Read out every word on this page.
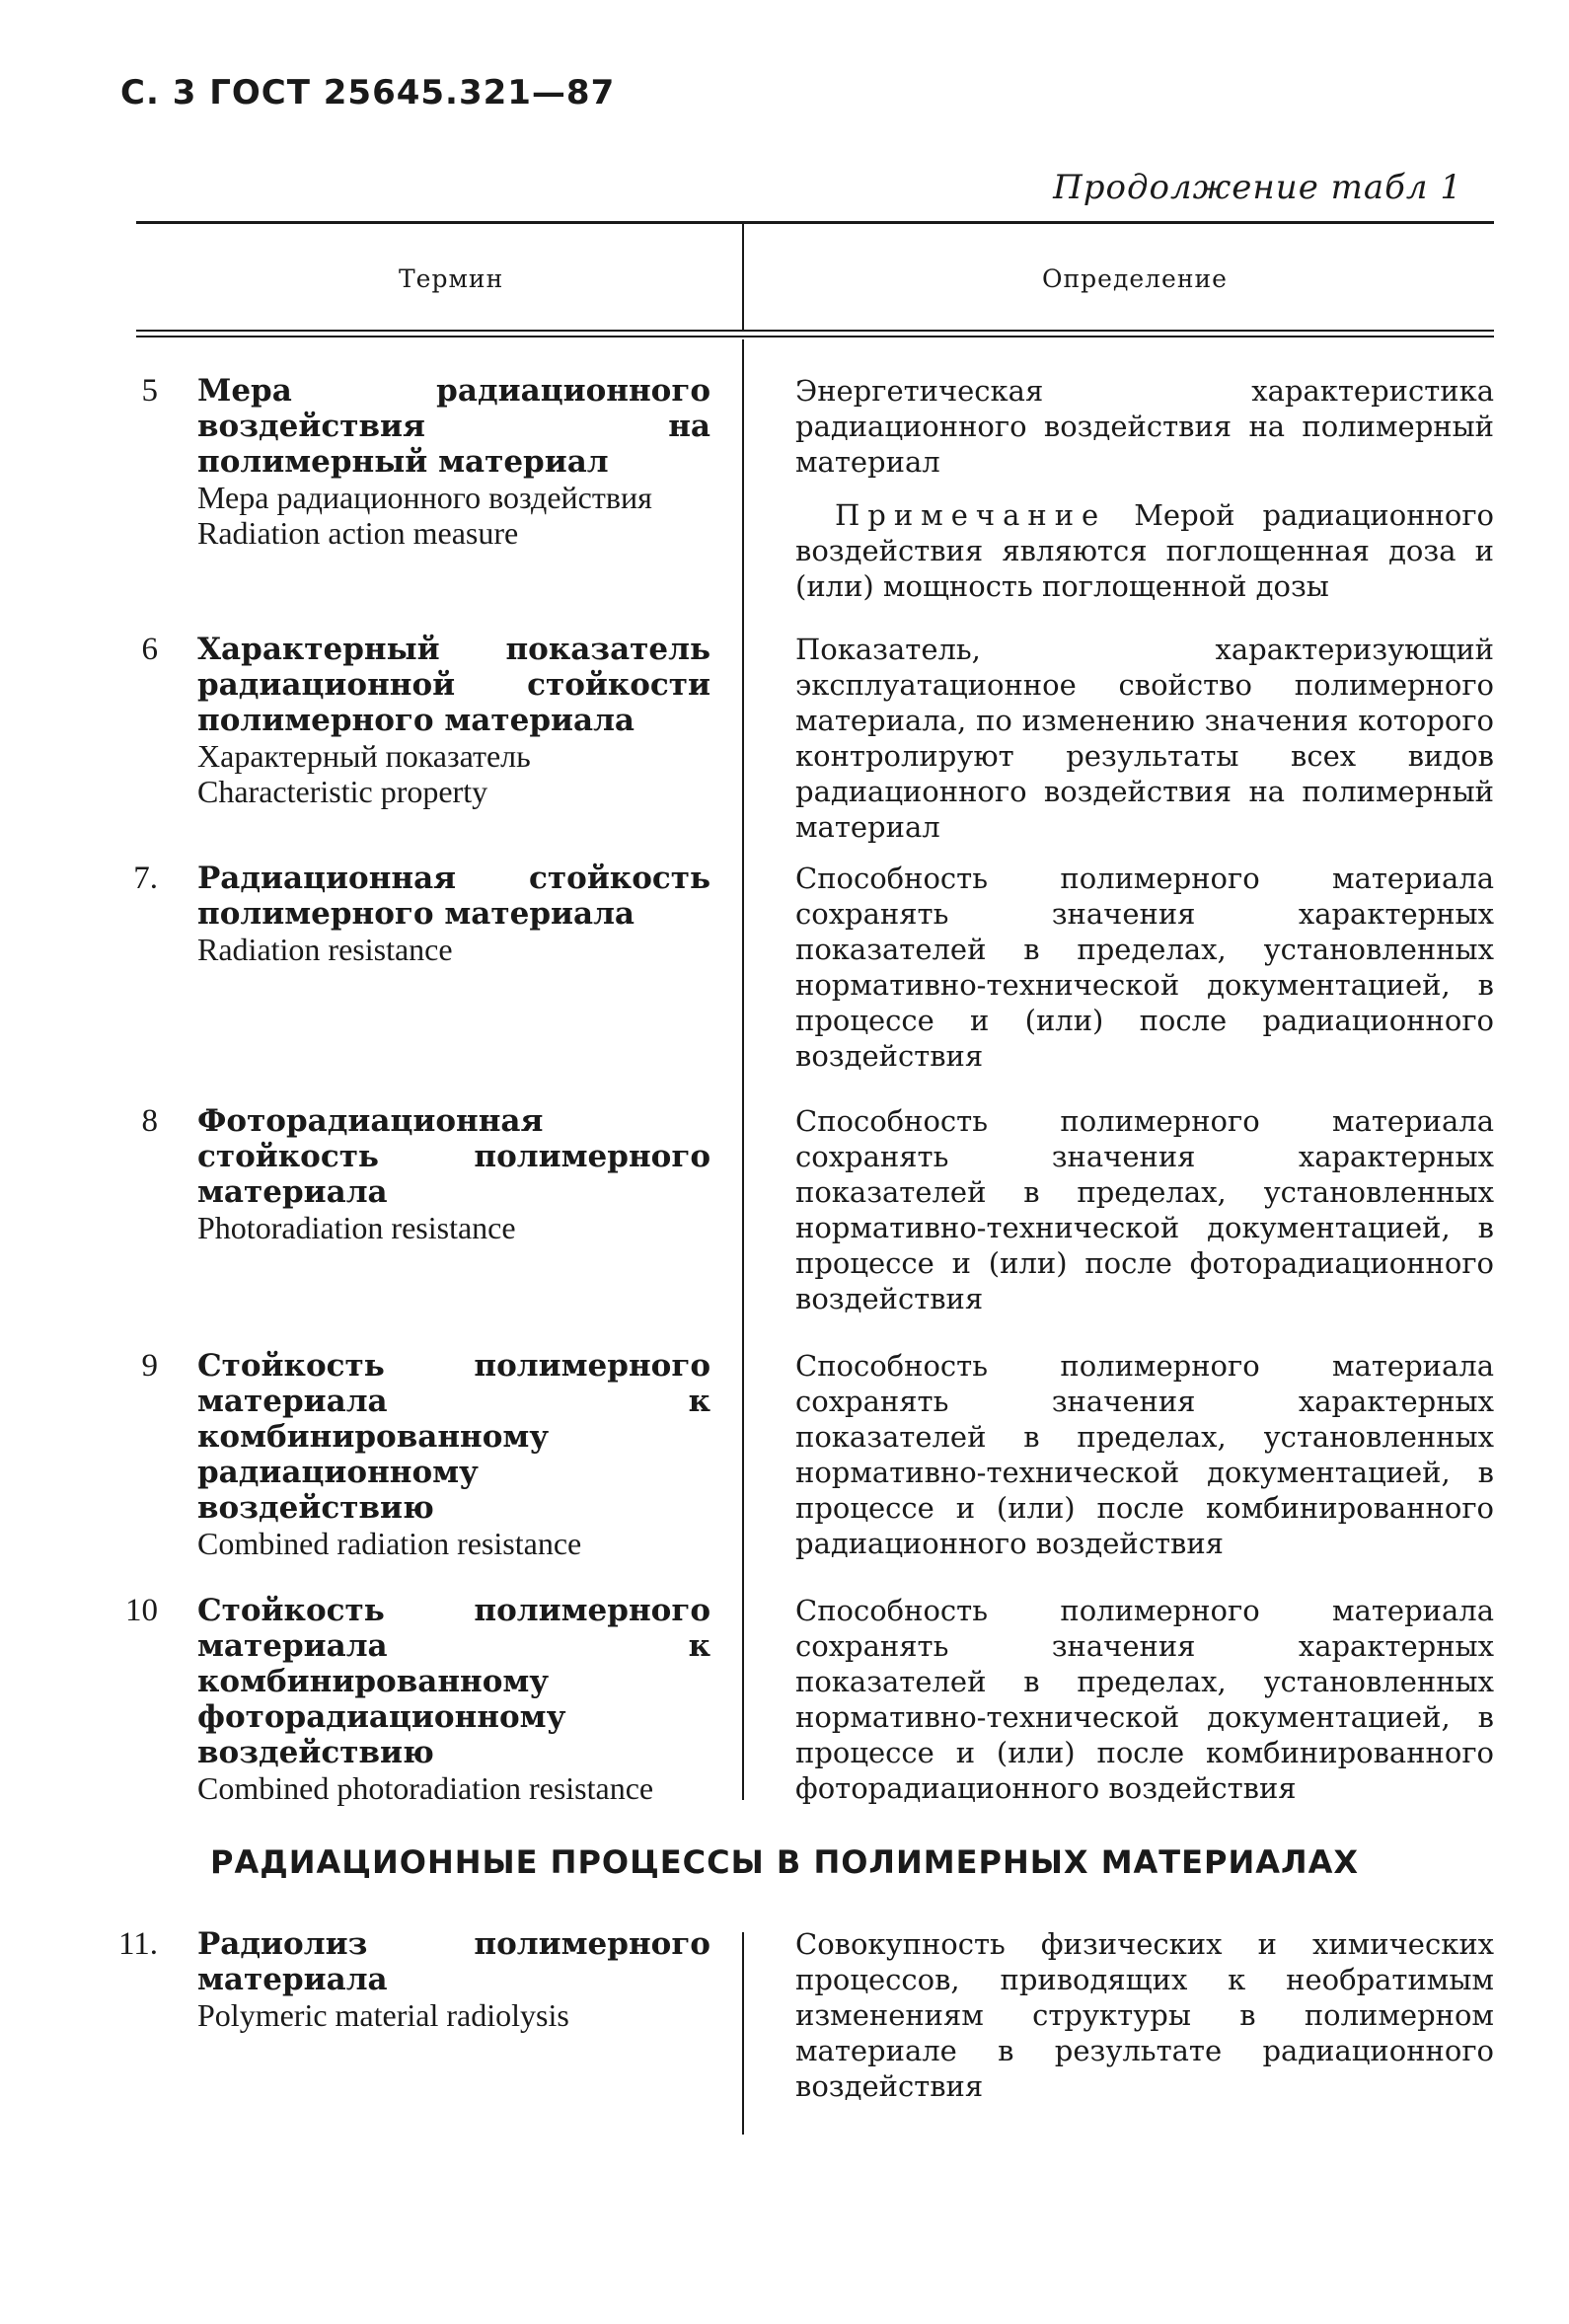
С. 3 ГОСТ 25645.321—87
Продолжение табл 1
Термин	Определение
5 Мера радиационного воздействия на полимерный материал
Мера радиационного воздействия
Radiation action measure
Энергетическая характеристика радиационного воздействия на полимерный материал
Примечание Мерой радиационного воздействия являются поглощенная доза и (или) мощность поглощенной дозы
6 Характерный показатель радиационной стойкости полимерного материала
Характерный показатель
Characteristic property
Показатель, характеризующий эксплуатационное свойство полимерного материала, по изменению значения которого контролируют результаты всех видов радиационного воздействия на полимерный материал
7. Радиационная стойкость полимерного материала
Radiation resistance
Способность полимерного материала сохранять значения характерных показателей в пределах, установленных нормативно-технической документацией, в процессе и (или) после радиационного воздействия
8 Фоторадиационная стойкость полимерного материала
Photoradiation resistance
Способность полимерного материала сохранять значения характерных показателей в пределах, установленных нормативно-технической документацией, в процессе и (или) после фоторадиационного воздействия
9 Стойкость полимерного материала к комбинированному радиационному воздействию
Combined radiation resistance
Способность полимерного материала сохранять значения характерных показателей в пределах, установленных нормативно-технической документацией, в процессе и (или) после комбинированного радиационного воздействия
10 Стойкость полимерного материала к комбинированному фоторадиационному воздействию
Combined photoradiation resistance
Способность полимерного материала сохранять значения характерных показателей в пределах, установленных нормативно-технической документацией, в процессе и (или) после комбинированного фоторадиационного воздействия
РАДИАЦИОННЫЕ ПРОЦЕССЫ В ПОЛИМЕРНЫХ МАТЕРИАЛАХ
11. Радиолиз полимерного материала
Polymeric material radiolysis
Совокупность физических и химических процессов, приводящих к необратимым изменениям структуры в полимерном материале в результате радиационного воздействия
